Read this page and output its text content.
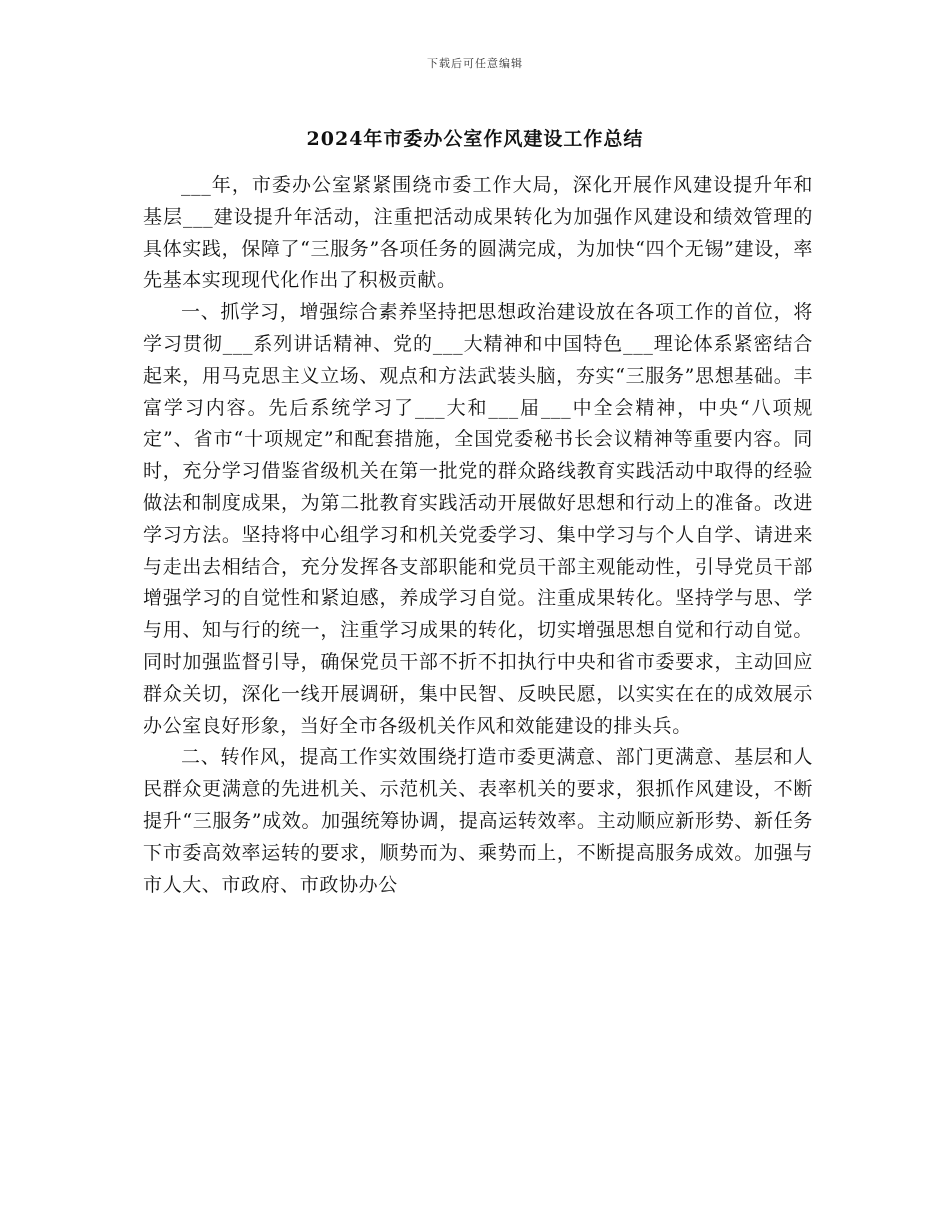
下载后可任意编辑
2024年市委办公室作风建设工作总结

___年，市委办公室紧紧围绕市委工作大局，深化开展作风建设提升年和基层___建设提升年活动，注重把活动成果转化为加强作风建设和绩效管理的具体实践，保障了“三服务”各项任务的圆满完成，为加快“四个无锡”建设，率先基本实现现代化作出了积极贡献。

一、抓学习，增强综合素养坚持把思想政治建设放在各项工作的首位，将学习贯彻___系列讲话精神、党的___大精神和中国特色___理论体系紧密结合起来，用马克思主义立场、观点和方法武装头脑，夯实“三服务”思想基础。丰富学习内容。先后系统学习了___大和___届___中全会精神，中央“八项规定”、省市“十项规定”和配套措施，全国党委秘书长会议精神等重要内容。同时，充分学习借鉴省级机关在第一批党的群众路线教育实践活动中取得的经验做法和制度成果，为第二批教育实践活动开展做好思想和行动上的准备。改进学习方法。坚持将中心组学习和机关党委学习、集中学习与个人自学、请进来与走出去相结合，充分发挥各支部职能和党员干部主观能动性，引导党员干部增强学习的自觉性和紧迫感，养成学习自觉。注重成果转化。坚持学与思、学与用、知与行的统一，注重学习成果的转化，切实增强思想自觉和行动自觉。同时加强监督引导，确保党员干部不折不扣执行中央和省市委要求，主动回应群众关切，深化一线开展调研，集中民智、反映民愿，以实实在在的成效展示办公室良好形象，当好全市各级机关作风和效能建设的排头兵。

二、转作风，提高工作实效围绕打造市委更满意、部门更满意、基层和人民群众更满意的先进机关、示范机关、表率机关的要求，狠抓作风建设，不断提升“三服务”成效。加强统筹协调，提高运转效率。主动顺应新形势、新任务下市委高效率运转的要求，顺势而为、乘势而上，不断提高服务成效。加强与市人大、市政府、市政协办公
